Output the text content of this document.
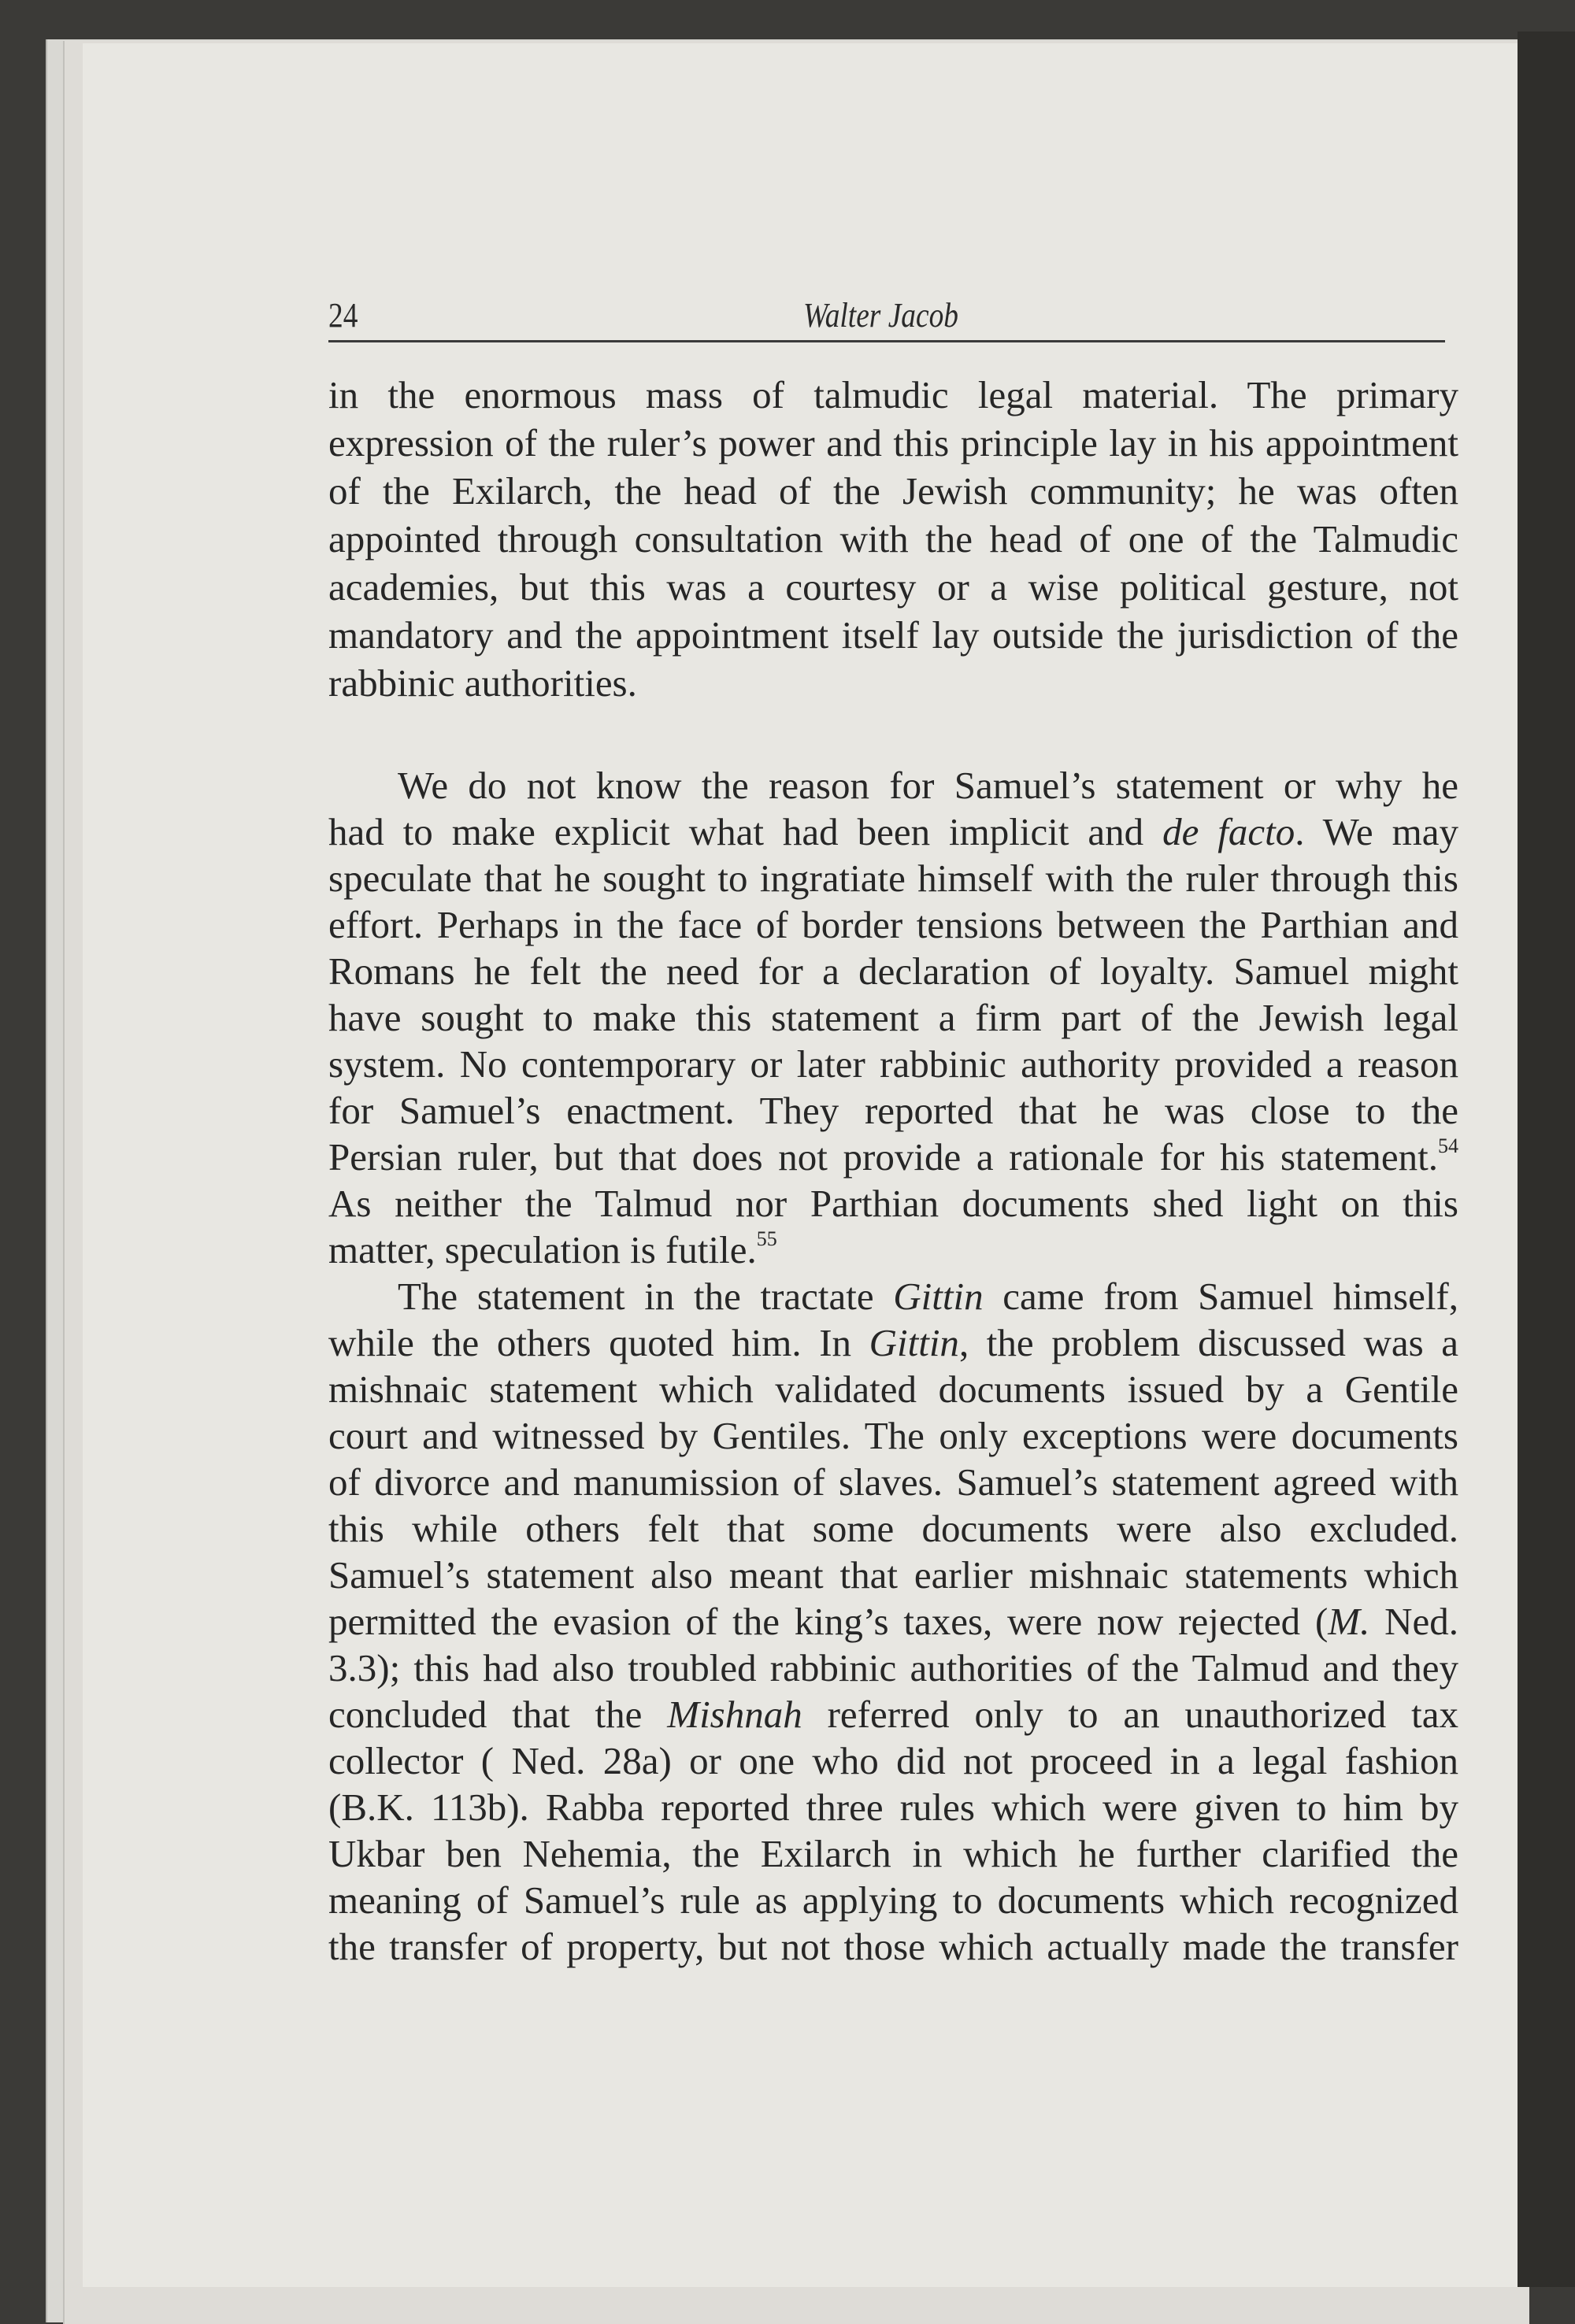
24	Walter Jacob
in the enormous mass of talmudic legal material. The primary
expression of the ruler’s power and this principle lay in his appointment
of the Exilarch, the head of the Jewish community; he was often
appointed through consultation with the head of one of the Talmudic
academies, but this was a courtesy or a wise political gesture, not
mandatory and the appointment itself lay outside the jurisdiction of the
rabbinic authorities.
We do not know the reason for Samuel’s statement or why he
had to make explicit what had been implicit and de facto. We may
speculate that he sought to ingratiate himself with the ruler through this
effort. Perhaps in the face of border tensions between the Parthian and
Romans he felt the need for a declaration of loyalty. Samuel might
have sought to make this statement a firm part of the Jewish legal
system. No contemporary or later rabbinic authority provided a reason
for Samuel’s enactment. They reported that he was close to the
Persian ruler, but that does not provide a rationale for his statement.$^{54}$
As neither the Talmud nor Parthian documents shed light on this
matter, speculation is futile.$^{55}$
The statement in the tractate Gittin came from Samuel himself,
while the others quoted him. In Gittin, the problem discussed was a
mishnaic statement which validated documents issued by a Gentile
court and witnessed by Gentiles. The only exceptions were documents
of divorce and manumission of slaves. Samuel’s statement agreed with
this while others felt that some documents were also excluded.
Samuel’s statement also meant that earlier mishnaic statements which
permitted the evasion of the king’s taxes, were now rejected (M. Ned.
3.3); this had also troubled rabbinic authorities of the Talmud and they
concluded that the Mishnah referred only to an unauthorized tax
collector ( Ned. 28a) or one who did not proceed in a legal fashion
(B.K. 113b). Rabba reported three rules which were given to him by
Ukbar ben Nehemia, the Exilarch in which he further clarified the
meaning of Samuel’s rule as applying to documents which recognized
the transfer of property, but not those which actually made the transfer
